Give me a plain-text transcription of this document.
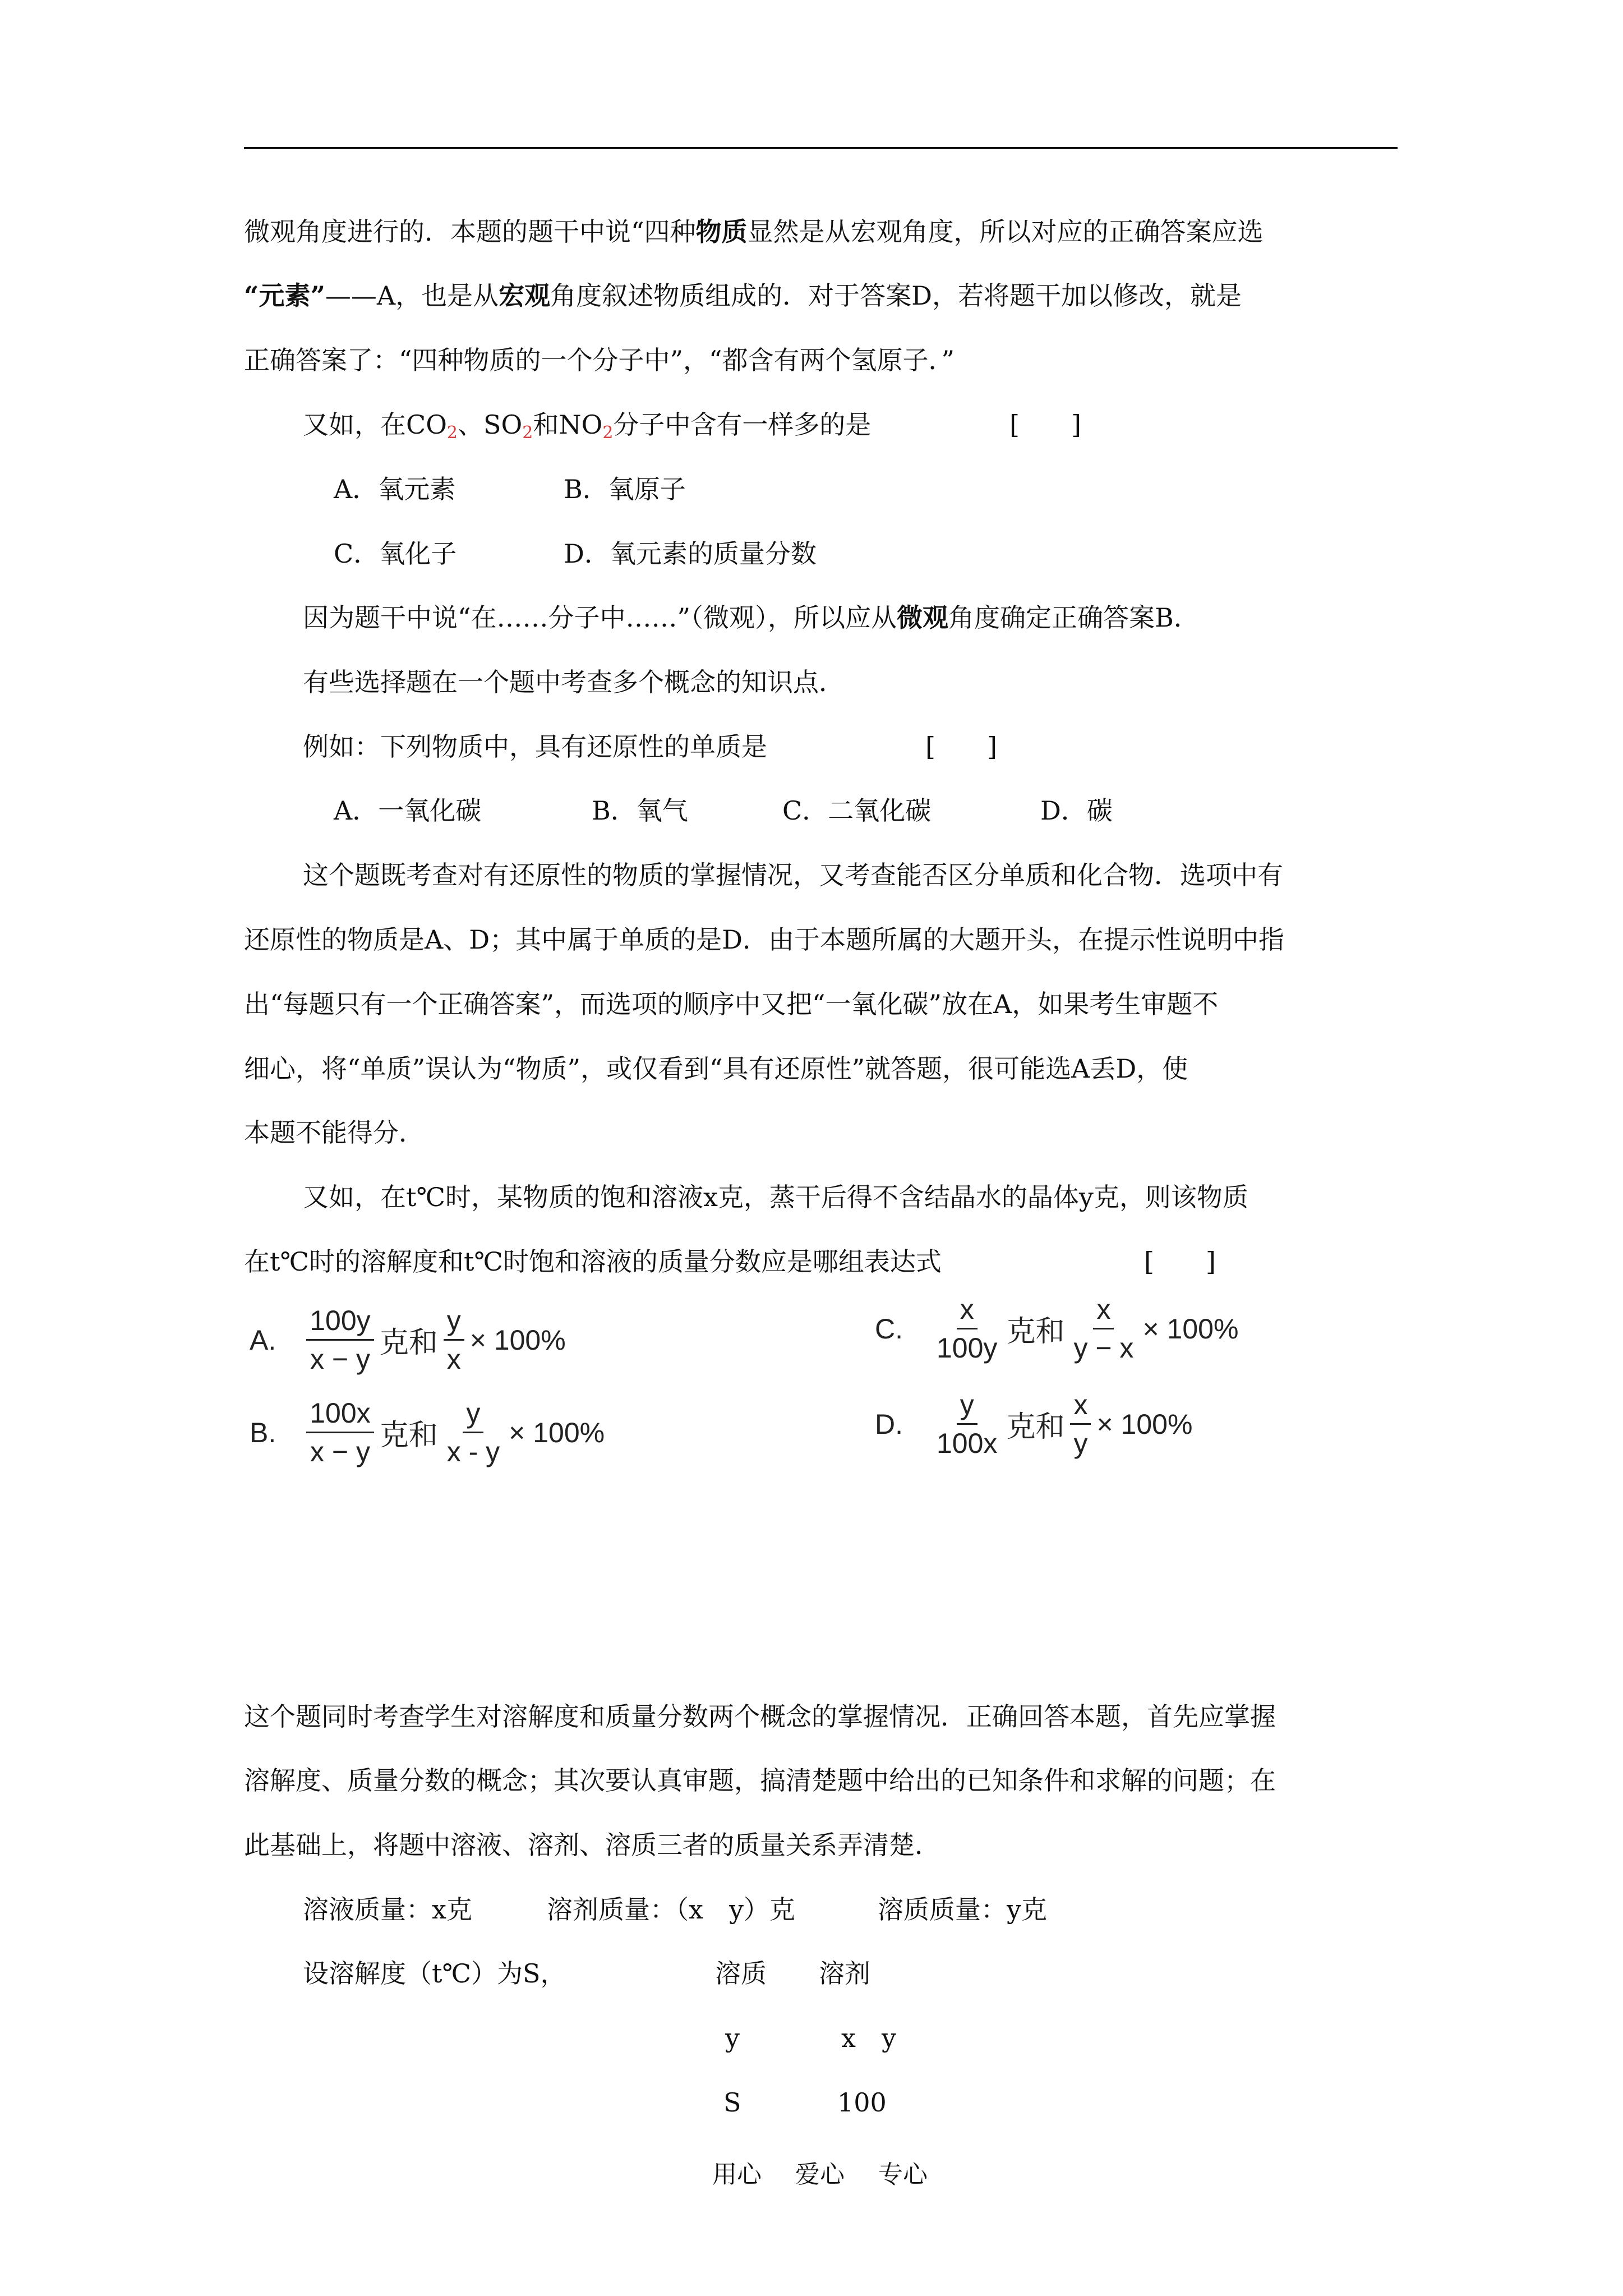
微观角度进行的．本题的题干中说“四种物质显然是从宏观角度，所以对应的正确答案应选
“元素”——A，也是从宏观角度叙述物质组成的．对于答案D，若将题干加以修改，就是
正确答案了：“四种物质的一个分子中”，“都含有两个氢原子．”
又如，在$CO_2$、$SO_2$和$NO_2$分子中含有一样多的是	[　　]
A．氧元素	B．氧原子
C．氧化子	D．氧元素的质量分数
因为题干中说“在……分子中……”（微观），所以应从微观角度确定正确答案B．
有些选择题在一个题中考查多个概念的知识点．
例如：下列物质中，具有还原性的单质是	[　　]
A．一氧化碳	B．氧气	C．二氧化碳	D．碳
这个题既考查对有还原性的物质的掌握情况，又考查能否区分单质和化合物．选项中有
还原性的物质是A、D；其中属于单质的是D．由于本题所属的大题开头，在提示性说明中指
出“每题只有一个正确答案”，而选项的顺序中又把“一氧化碳”放在A，如果考生审题不
细心，将“单质”误认为“物质”，或仅看到“具有还原性”就答题，很可能选A丢D，使
本题不能得分．
又如，在t℃时，某物质的饱和溶液x克，蒸干后得不含结晶水的晶体y克，则该物质
在t℃时的溶解度和t℃时饱和溶液的质量分数应是哪组表达式	[　　]
A. $\frac{100y}{x - y}$ 克和 $\frac{y}{x} \times 100\%$
B. $\frac{100x}{x - y}$ 克和 $\frac{y}{x - y} \times 100\%$
C. $\frac{x}{100y}$ 克和 $\frac{x}{y - x} \times 100\%$
D. $\frac{y}{100x}$ 克和 $\frac{x}{y} \times 100\%$
这个题同时考查学生对溶解度和质量分数两个概念的掌握情况．正确回答本题，首先应掌握
溶解度、质量分数的概念；其次要认真审题，搞清楚题中给出的已知条件和求解的问题；在
此基础上，将题中溶液、溶剂、溶质三者的质量关系弄清楚．
溶液质量：x克	溶剂质量：（x　y）克	溶质质量：y克
设溶解度（t℃）为S，	溶质 溶剂
y	x　y
S	100
用心 爱心 专心
